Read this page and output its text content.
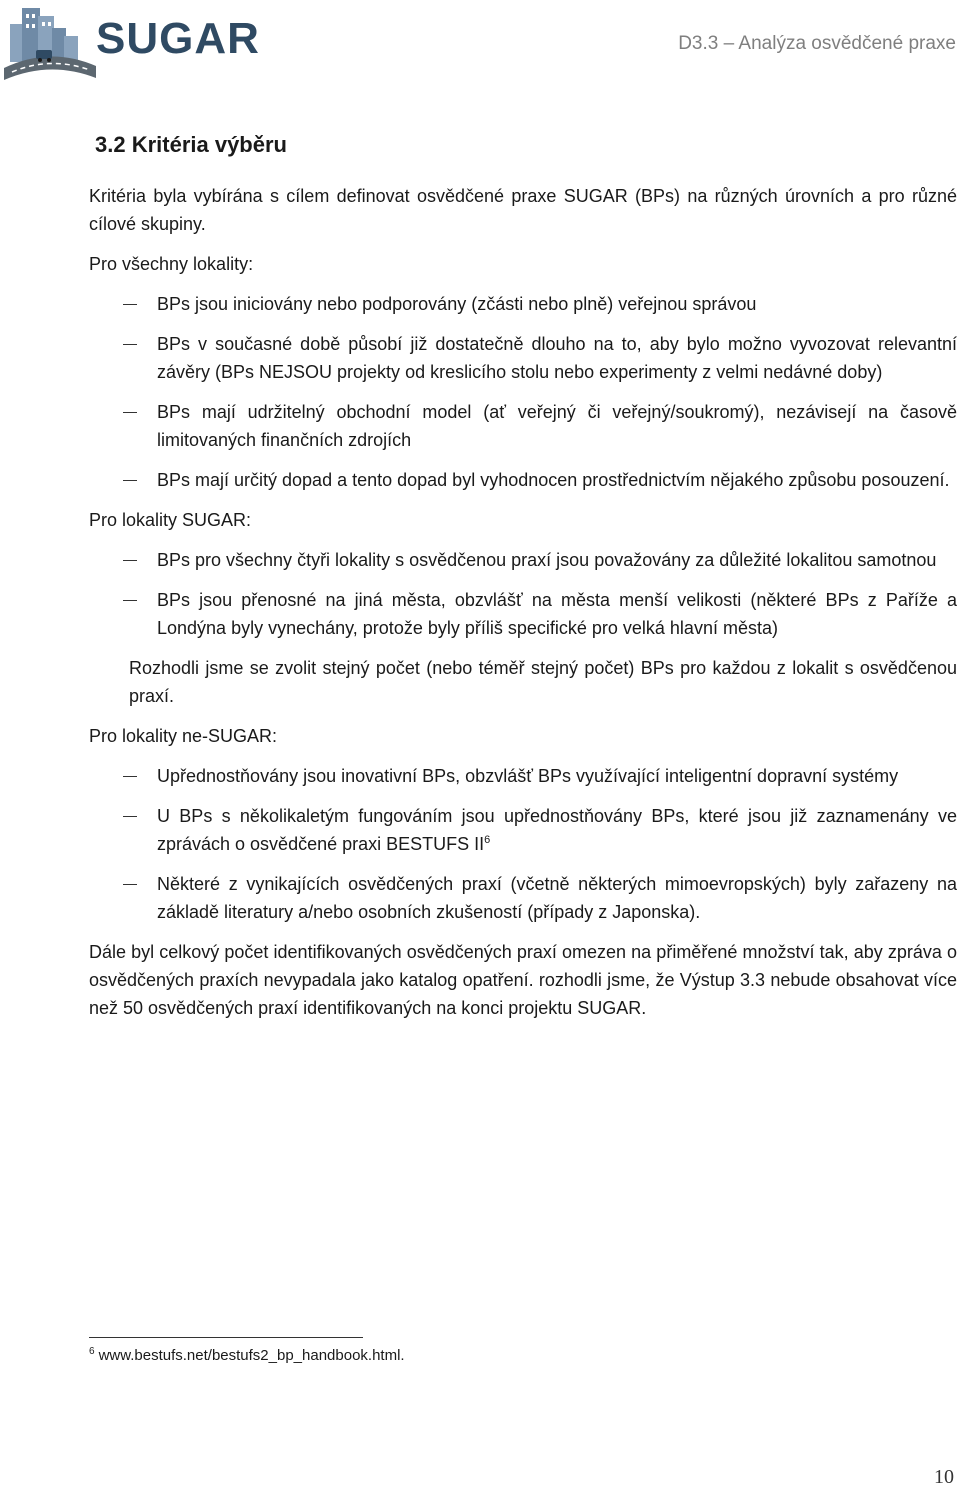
SUGAR	D3.3 – Analýza osvědčené praxe
3.2 Kritéria výběru

Kritéria byla vybírána s cílem definovat osvědčené praxe SUGAR (BPs) na různých úrovních a pro různé cílové skupiny.

Pro všechny lokality:

BPs jsou iniciovány nebo podporovány (zčásti nebo plně) veřejnou správou
BPs v současné době působí již dostatečně dlouho na to, aby bylo možno vyvozovat relevantní závěry (BPs NEJSOU projekty od kreslicího stolu nebo experimenty z velmi nedávné doby)
BPs mají udržitelný obchodní model (ať veřejný či veřejný/soukromý), nezávisejí na časově limitovaných finančních zdrojích
BPs mají určitý dopad a tento dopad byl vyhodnocen prostřednictvím nějakého způsobu posouzení.

Pro lokality SUGAR:

BPs pro všechny čtyři lokality s osvědčenou praxí jsou považovány za důležité lokalitou samotnou
BPs jsou přenosné na jiná města, obzvlášť na města menší velikosti (některé BPs z Paříže a Londýna byly vynechány, protože byly příliš specifické pro velká hlavní města)

Rozhodli jsme se zvolit stejný počet (nebo téměř stejný počet) BPs pro každou z lokalit s osvědčenou praxí.

Pro lokality ne-SUGAR:

Upřednostňovány jsou inovativní BPs, obzvlášť BPs využívající inteligentní dopravní systémy
U BPs s několikaletým fungováním jsou upřednostňovány BPs, které jsou již zaznamenány ve zprávách o osvědčené praxi BESTUFS $II^6$
Některé z vynikajících osvědčených praxí (včetně některých mimoevropských) byly zařazeny na základě literatury a/nebo osobních zkušeností (případy z Japonska).

Dále byl celkový počet identifikovaných osvědčených praxí omezen na přiměřené množství tak, aby zpráva o osvědčených praxích nevypadala jako katalog opatření. rozhodli jsme, že Výstup 3.3 nebude obsahovat více než 50 osvědčených praxí identifikovaných na konci projektu SUGAR.

$^6$ www.bestufs.net/bestufs2_bp_handbook.html.
10
